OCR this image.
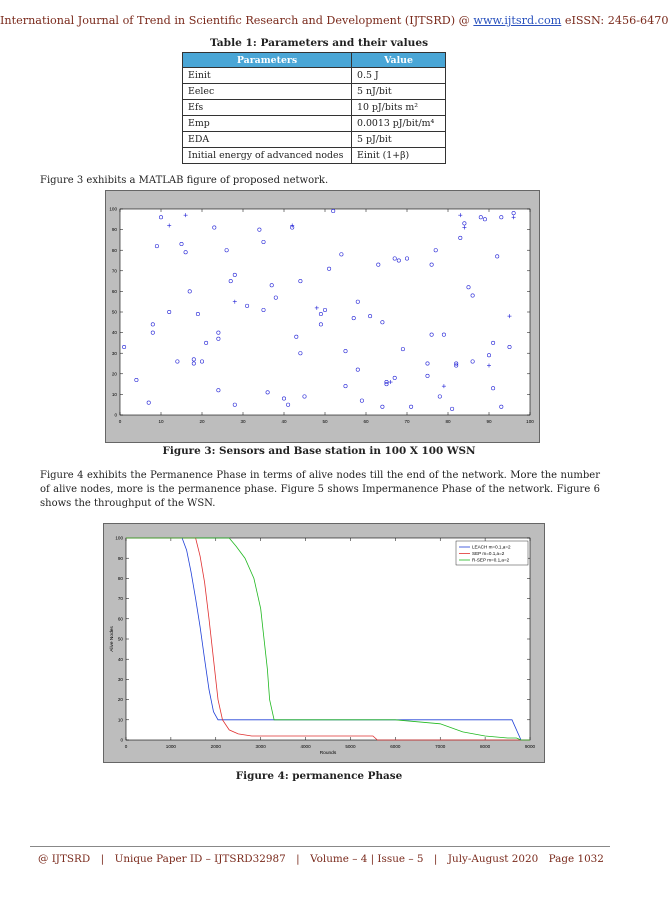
International Journal of Trend in Scientific Research and Development (IJTSRD) @ www.ijtsrd.com eISSN: 2456-6470
Table 1: Parameters and their values
Parameters	Value
Einit	0.5 J
Eelec	5 nJ/bit
Efs	10 pJ/bits m²
Emp	0.0013 pJ/bit/m⁴
EDA	5 pJ/bit
Initial energy of advanced nodes	Einit (1+β)
Figure 3 exhibits a MATLAB figure of proposed network.
0	10	20	30	40	50	60	70	80	90	100
0
10
20
30
40
50
60
70
80
90
100
Figure 3: Sensors and Base station in 100 X 100 WSN
Figure 4 exhibits the Permanence Phase in terms of alive nodes till the end of the network. More the number of alive nodes, more is the permanence phase. Figure 5 shows Impermanence Phase of the network. Figure 6 shows the throughput of the WSN.
0	1000	2000	3000	4000	5000	6000	7000	8000	9000
0
10
20
30
40
50
60
70
80
90
100
Rounds
Alive Nodes
LEACH m=0.1,a=2
SEP m=0.1,a=2
R-SEP m=0.1,a=2
Figure 4: permanence Phase
@ IJTSRD | Unique Paper ID – IJTSRD32987 | Volume – 4 | Issue – 5 | July-August 2020 Page 1032
